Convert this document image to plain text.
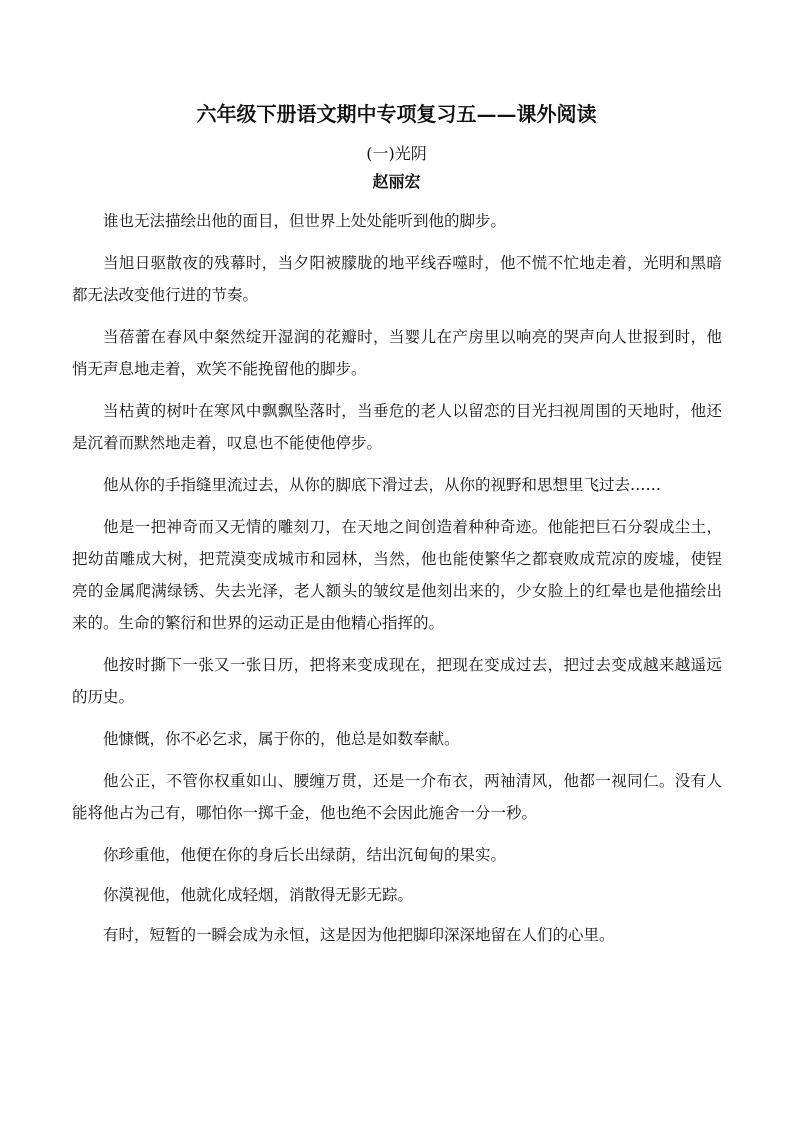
六年级下册语文期中专项复习五——课外阅读
(一)光阴
赵丽宏

谁也无法描绘出他的面目，但世界上处处能听到他的脚步。

当旭日驱散夜的残幕时，当夕阳被朦胧的地平线吞噬时，他不慌不忙地走着，光明和黑暗都无法改变他行进的节奏。

当蓓蕾在春风中粲然绽开湿润的花瓣时，当婴儿在产房里以响亮的哭声向人世报到时，他悄无声息地走着，欢笑不能挽留他的脚步。

当枯黄的树叶在寒风中飘飘坠落时，当垂危的老人以留恋的目光扫视周围的天地时，他还是沉着而默然地走着，叹息也不能使他停步。

他从你的手指缝里流过去，从你的脚底下滑过去，从你的视野和思想里飞过去……

他是一把神奇而又无情的雕刻刀，在天地之间创造着种种奇迹。他能把巨石分裂成尘土，把幼苗雕成大树，把荒漠变成城市和园林，当然，他也能使繁华之都衰败成荒凉的废墟，使锃亮的金属爬满绿锈、失去光泽，老人额头的皱纹是他刻出来的，少女脸上的红晕也是他描绘出来的。生命的繁衍和世界的运动正是由他精心指挥的。

他按时撕下一张又一张日历，把将来变成现在，把现在变成过去，把过去变成越来越遥远的历史。

他慷慨，你不必乞求，属于你的，他总是如数奉献。

他公正，不管你权重如山、腰缠万贯，还是一介布衣，两袖清风，他都一视同仁。没有人能将他占为己有，哪怕你一掷千金，他也绝不会因此施舍一分一秒。

你珍重他，他便在你的身后长出绿荫，结出沉甸甸的果实。

你漠视他，他就化成轻烟，消散得无影无踪。

有时，短暂的一瞬会成为永恒，这是因为他把脚印深深地留在人们的心里。
